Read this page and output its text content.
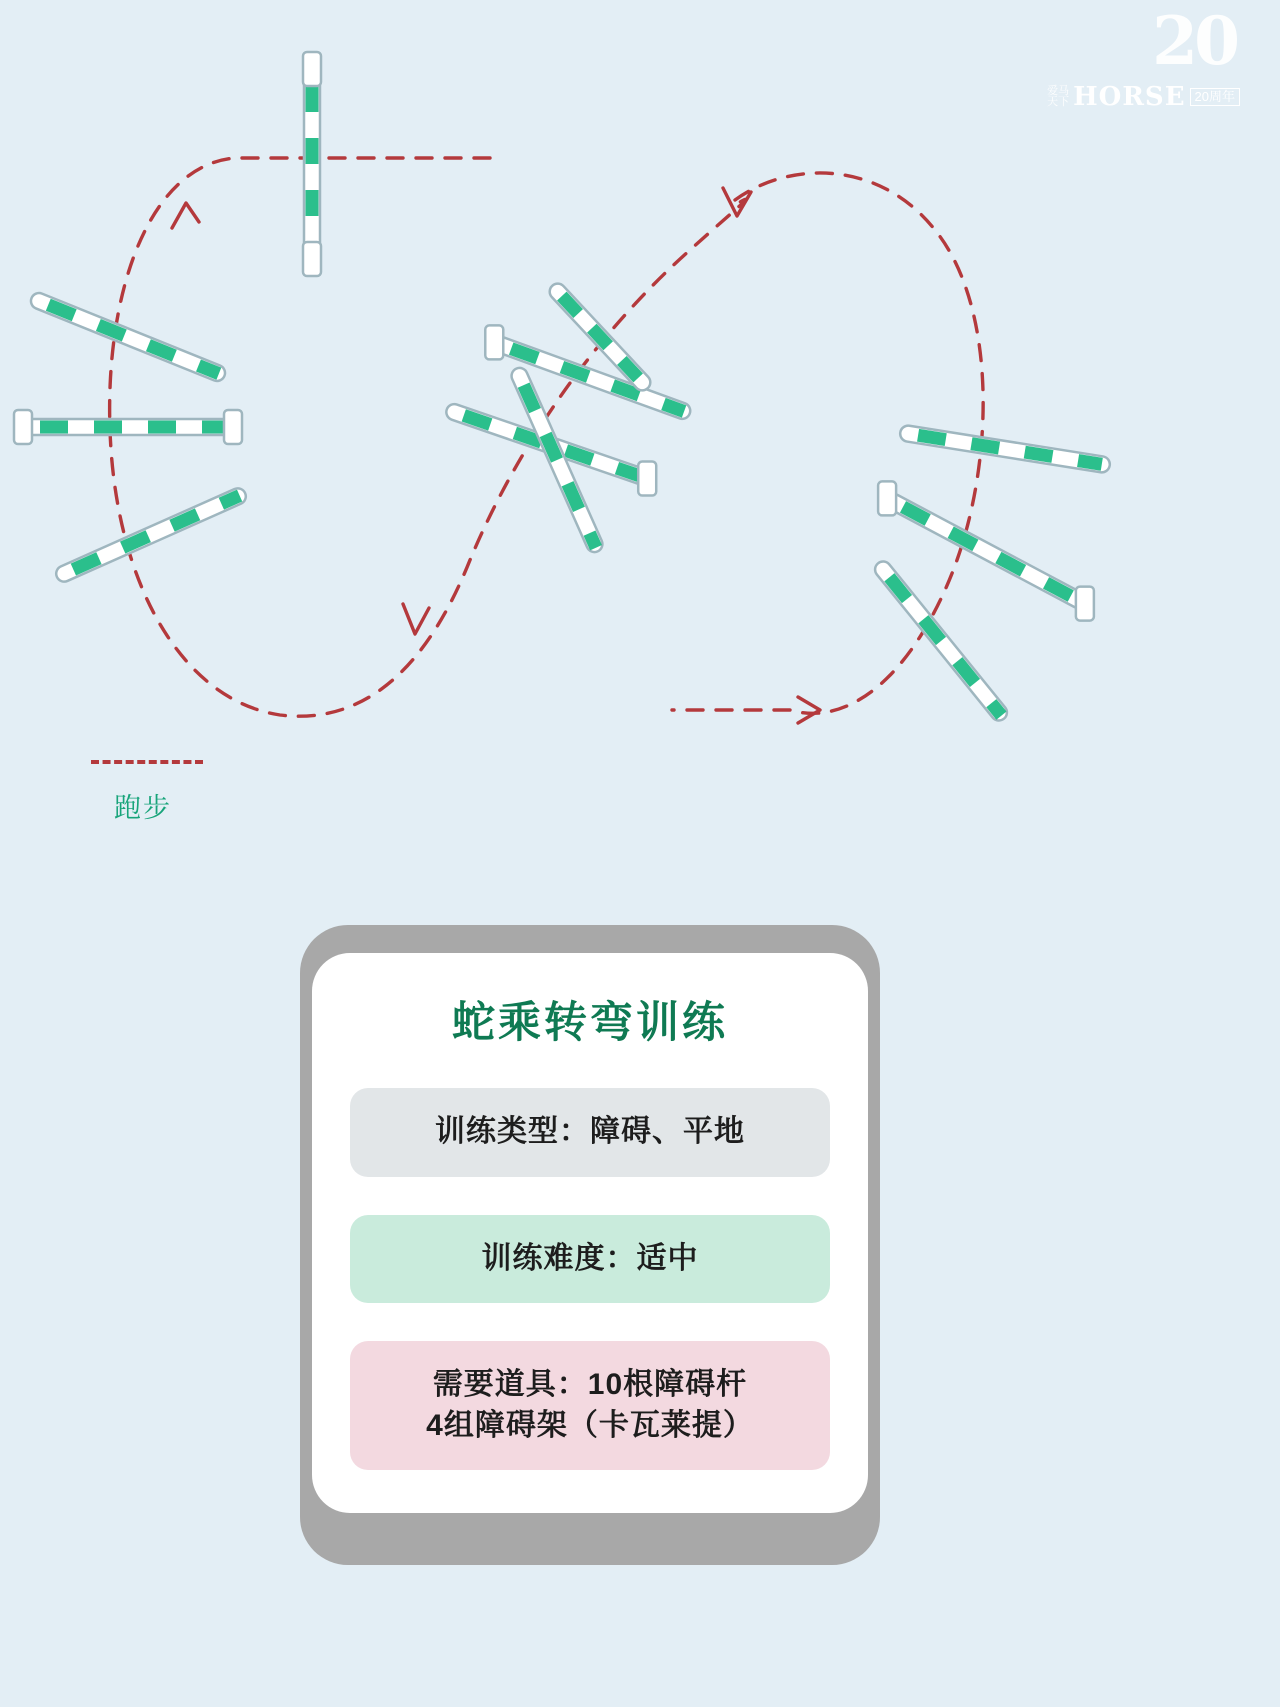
20
爱马
天下 HORSE 20周年
跑步
蛇乘转弯训练
训练类型：障碍、平地
训练难度：适中
需要道具：10根障碍杆
4组障碍架（卡瓦莱提）
